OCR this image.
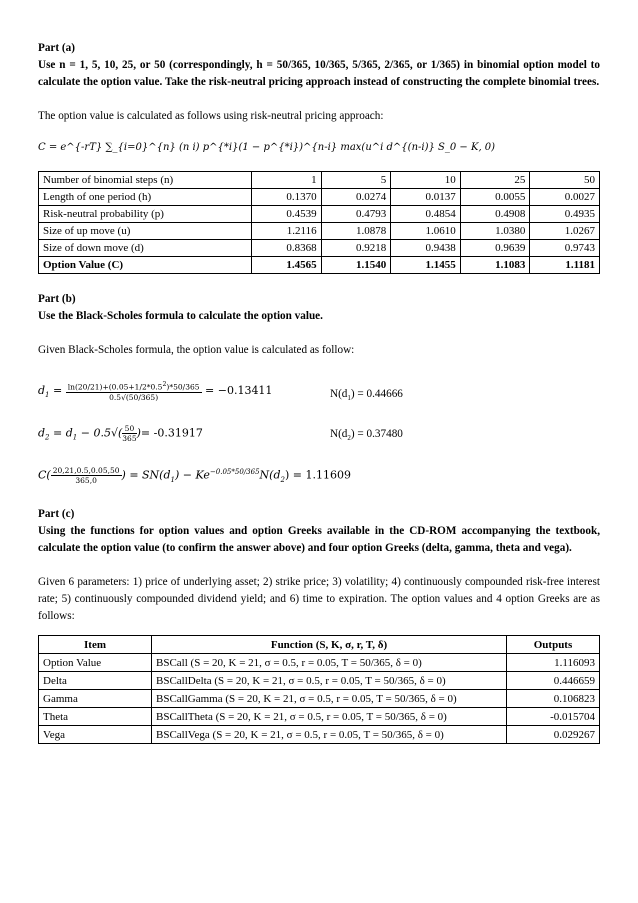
Part (a)
Use n = 1, 5, 10, 25, or 50 (correspondingly, h = 50/365, 10/365, 5/365, 2/365, or 1/365) in binomial option model to calculate the option value. Take the risk-neutral pricing approach instead of constructing the complete binomial trees.
The option value is calculated as follows using risk-neutral pricing approach:
C = e^{-rT} ∑_{i=0}^{n} (n i) p^{*i}(1 − p^{*i})^{n-i} max(u^i d^{(n-i)} S_0 − K, 0)
Number of binomial steps (n)	1	5	10	25	50
Length of one period (h)	0.1370	0.0274	0.0137	0.0055	0.0027
Risk-neutral probability (p)	0.4539	0.4793	0.4854	0.4908	0.4935
Size of up move (u)	1.2116	1.0878	1.0610	1.0380	1.0267
Size of down move (d)	0.8368	0.9218	0.9438	0.9639	0.9743
Option Value (C)	1.4565	1.1540	1.1455	1.1083	1.1181
Part (b)
Use the Black-Scholes formula to calculate the option value.
Given Black-Scholes formula, the option value is calculated as follow:
$d_1 = \frac{\ln(20/21)+(0.05+1/2*0.5^2)*50/365}{0.5√(50/365)} = -0.13411$	$N(d_1) = 0.44666$
$d_2 = d_1 - 0.5√( \frac{50}{365}$ )= -0.31917	$N(d_2) = 0.37480$
$C( \frac{20,21,0.5,0.05,50}{365,0}$ ) = $SN(d_1) - Ke^{-0.05*50/365}N(d_2) = 1.11609$
Part (c)
Using the functions for option values and option Greeks available in the CD-ROM accompanying the textbook, calculate the option value (to confirm the answer above) and four option Greeks (delta, gamma, theta and vega).
Given 6 parameters: 1) price of underlying asset; 2) strike price; 3) volatility; 4) continuously compounded risk-free interest rate; 5) continuously compounded dividend yield; and 6) time to expiration. The option values and 4 option Greeks are as follows:
Item	Function (S, K, σ, r, T, δ)	Outputs
Option Value	BSCall (S = 20, K = 21, σ = 0.5, r = 0.05, T = 50/365, δ = 0)	1.116093
Delta	BSCallDelta (S = 20, K = 21, σ = 0.5, r = 0.05, T = 50/365, δ = 0)	0.446659
Gamma	BSCallGamma (S = 20, K = 21, σ = 0.5, r = 0.05, T = 50/365, δ = 0)	0.106823
Theta	BSCallTheta (S = 20, K = 21, σ = 0.5, r = 0.05, T = 50/365, δ = 0)	-0.015704
Vega	BSCallVega (S = 20, K = 21, σ = 0.5, r = 0.05, T = 50/365, δ = 0)	0.029267
